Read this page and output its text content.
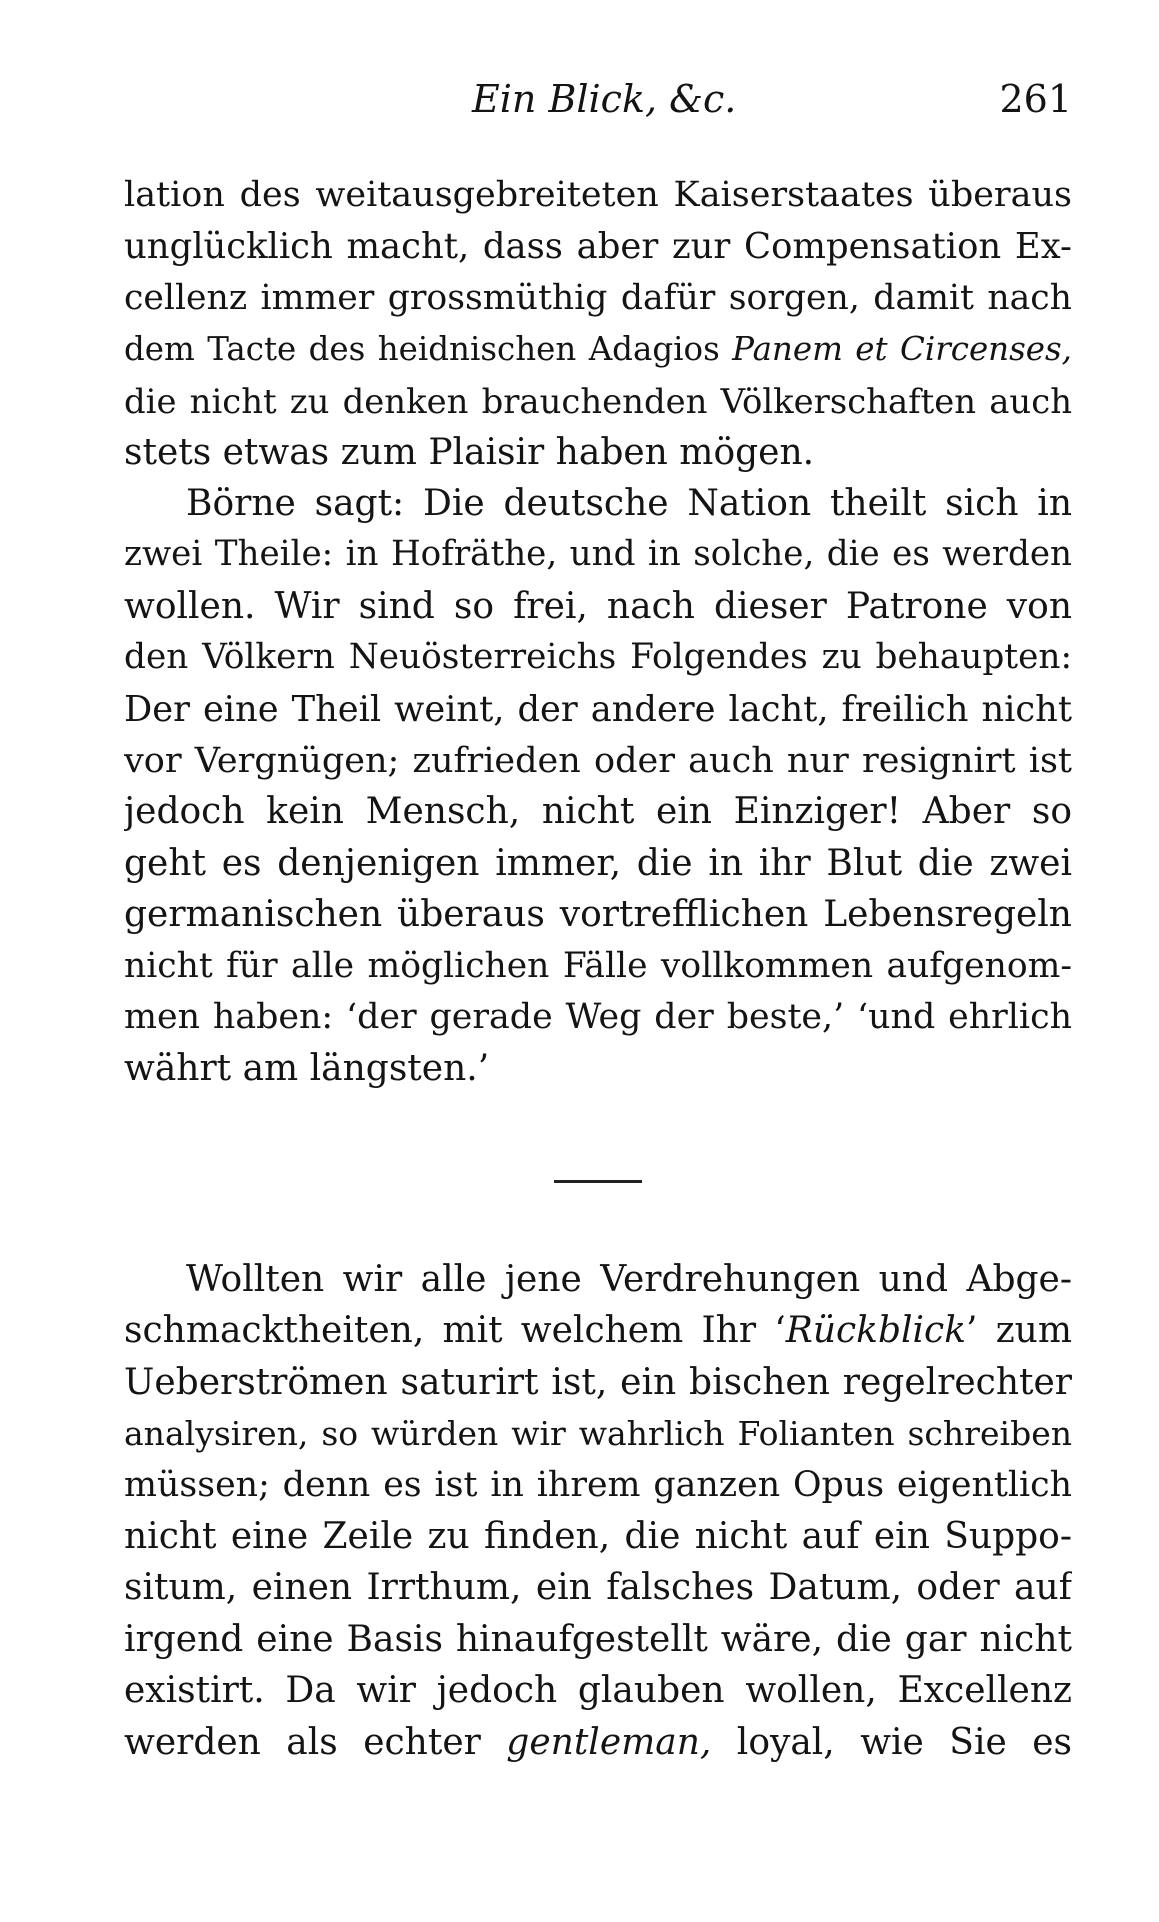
Ein Blick, &c.	261
lation des weitausgebreiteten Kaiserstaates überaus
unglücklich macht, dass aber zur Compensation Ex-
cellenz immer grossmüthig dafür sorgen, damit nach
dem Tacte des heidnischen Adagios Panem et Circenses,
die nicht zu denken brauchenden Völkerschaften auch
stets etwas zum Plaisir haben mögen.
Börne sagt: Die deutsche Nation theilt sich in
zwei Theile: in Hofräthe, und in solche, die es werden
wollen. Wir sind so frei, nach dieser Patrone von
den Völkern Neuösterreichs Folgendes zu behaupten:
Der eine Theil weint, der andere lacht, freilich nicht
vor Vergnügen; zufrieden oder auch nur resignirt ist
jedoch kein Mensch, nicht ein Einziger! Aber so
geht es denjenigen immer, die in ihr Blut die zwei
germanischen überaus vortrefflichen Lebensregeln
nicht für alle möglichen Fälle vollkommen aufgenom-
men haben: ‘der gerade Weg der beste,’ ‘und ehrlich
währt am längsten.’
Wollten wir alle jene Verdrehungen und Abge-
schmacktheiten, mit welchem Ihr ‘Rückblick’ zum
Ueberströmen saturirt ist, ein bischen regelrechter
analysiren, so würden wir wahrlich Folianten schreiben
müssen; denn es ist in ihrem ganzen Opus eigentlich
nicht eine Zeile zu finden, die nicht auf ein Suppo-
situm, einen Irrthum, ein falsches Datum, oder auf
irgend eine Basis hinaufgestellt wäre, die gar nicht
existirt. Da wir jedoch glauben wollen, Excellenz
werden als echter gentleman, loyal, wie Sie es
